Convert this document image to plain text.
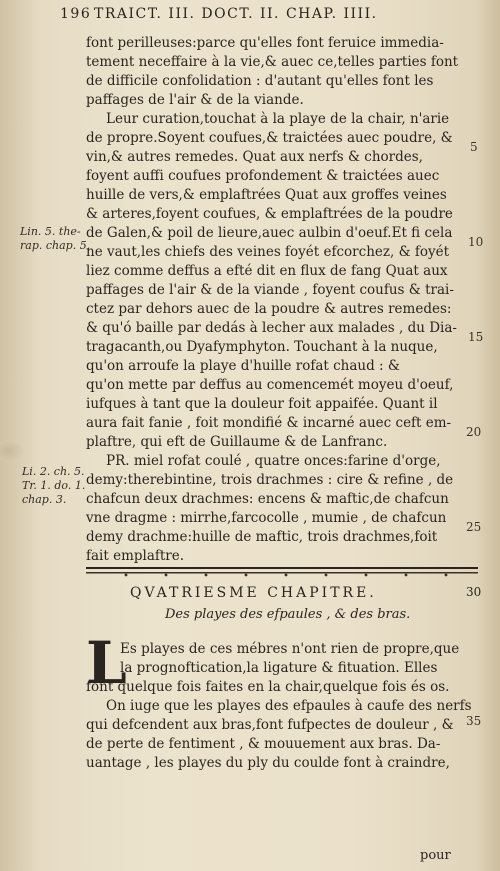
196 TRAICT. III. DOCT. II. CHAP. IIII.
Lin. 5. the-
rap. chap. 5.
Li. 2. ch. 5.
Tr. 1. do. 1.
chap. 3.
5
10
15
20
25
35
font perilleuses:parce qu'elles font feruice immedia-
tement neceffaire à la vie,& auec ce,telles parties font
de difficile confolidation : d'autant qu'elles font les
paffages de l'air & de la viande.
Leur curation,touchat à la playe de la chair, n'arie
de propre.Soyent coufues,& traictées auec poudre, &
vin,& autres remedes. Quat aux nerfs & chordes,
foyent auffi coufues profondement & traictées auec
huille de vers,& emplaftrées Quat aux groffes veines
& arteres,foyent coufues, & emplaftrées de la poudre
de Galen,& poil de lieure,auec aulbin d'oeuf.Et fi cela
ne vaut,les chiefs des veines foyét efcorchez, & foyét
liez comme deffus a efté dit en flux de fang Quat aux
paffages de l'air & de la viande , foyent coufus & trai-
ctez par dehors auec de la poudre & autres remedes:
& qu'ó baille par dedás à lecher aux malades , du Dia-
tragacanth,ou Dyafymphyton. Touchant à la nuque,
qu'on arroufe la playe d'huille rofat chaud : &
qu'on mette par deffus au comencemét moyeu d'oeuf,
iufques à tant que la douleur foit appaifée. Quant il
aura fait fanie , foit mondifié & incarné auec ceft em-
plaftre, qui eft de Guillaume & de Lanfranc.
PR. miel rofat coulé , quatre onces:farine d'orge,
demy:therebintine, trois drachmes : cire & refine , de
chafcun deux drachmes: encens & maftic,de chafcun
vne dragme : mirrhe,farcocolle , mumie , de chafcun
demy drachme:huille de maftic, trois drachmes,foit
fait emplaftre.
QVATRIESME CHAPITRE.	30
Des playes des efpaules , & des bras.
L
Es playes de ces mébres n'ont rien de propre,que
la prognoftication,la ligature & fituation. Elles
font quelque fois faites en la chair,quelque fois és os.
On iuge que les playes des efpaules à caufe des nerfs
qui defcendent aux bras,font fufpectes de douleur , &
de perte de fentiment , & mouuement aux bras. Da-
uantage , les playes du ply du coulde font à craindre,
pour
